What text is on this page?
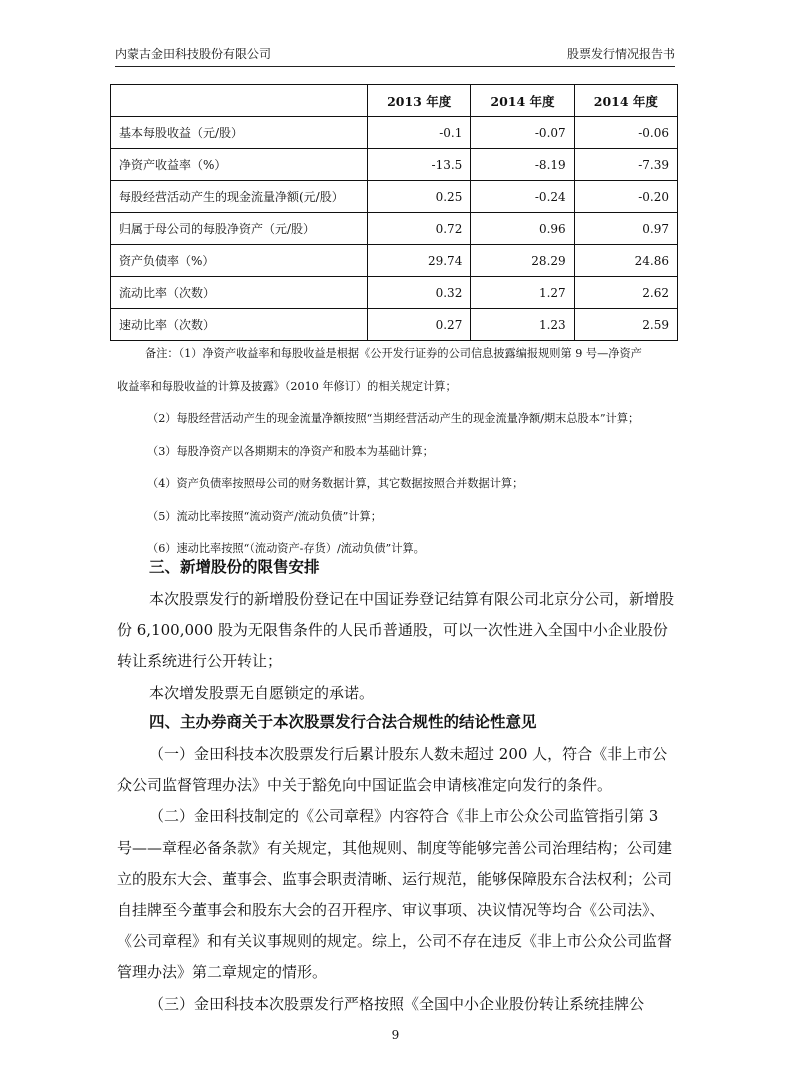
内蒙古金田科技股份有限公司	股票发行情况报告书
	2013 年度	2014 年度	2014 年度
基本每股收益（元/股）	-0.1	-0.07	-0.06
净资产收益率（%）	-13.5	-8.19	-7.39
每股经营活动产生的现金流量净额(元/股）	0.25	-0.24	-0.20
归属于母公司的每股净资产（元/股）	0.72	0.96	0.97
资产负债率（%）	29.74	28.29	24.86
流动比率（次数）	0.32	1.27	2.62
速动比率（次数）	0.27	1.23	2.59

备注：（1）净资产收益率和每股收益是根据《公开发行证券的公司信息披露编报规则第 9 号—净资产

收益率和每股收益的计算及披露》（2010 年修订）的相关规定计算；

（2）每股经营活动产生的现金流量净额按照“当期经营活动产生的现金流量净额/期末总股本”计算；

（3）每股净资产以各期期末的净资产和股本为基础计算；

（4）资产负债率按照母公司的财务数据计算，其它数据按照合并数据计算；

（5）流动比率按照“流动资产/流动负债”计算；

（6）速动比率按照“（流动资产-存货）/流动负债”计算。

三、新增股份的限售安排

本次股票发行的新增股份登记在中国证券登记结算有限公司北京分公司，新增股份 6,100,000 股为无限售条件的人民币普通股，可以一次性进入全国中小企业股份转让系统进行公开转让；

本次增发股票无自愿锁定的承诺。

四、主办券商关于本次股票发行合法合规性的结论性意见

（一）金田科技本次股票发行后累计股东人数未超过 200 人，符合《非上市公众公司监督管理办法》中关于豁免向中国证监会申请核准定向发行的条件。

（二）金田科技制定的《公司章程》内容符合《非上市公众公司监管指引第 3 号——章程必备条款》有关规定，其他规则、制度等能够完善公司治理结构；公司建立的股东大会、董事会、监事会职责清晰、运行规范，能够保障股东合法权利；公司自挂牌至今董事会和股东大会的召开程序、审议事项、决议情况等均合《公司法》、《公司章程》和有关议事规则的规定。综上，公司不存在违反《非上市公众公司监督管理办法》第二章规定的情形。

（三）金田科技本次股票发行严格按照《全国中小企业股份转让系统挂牌公

9
